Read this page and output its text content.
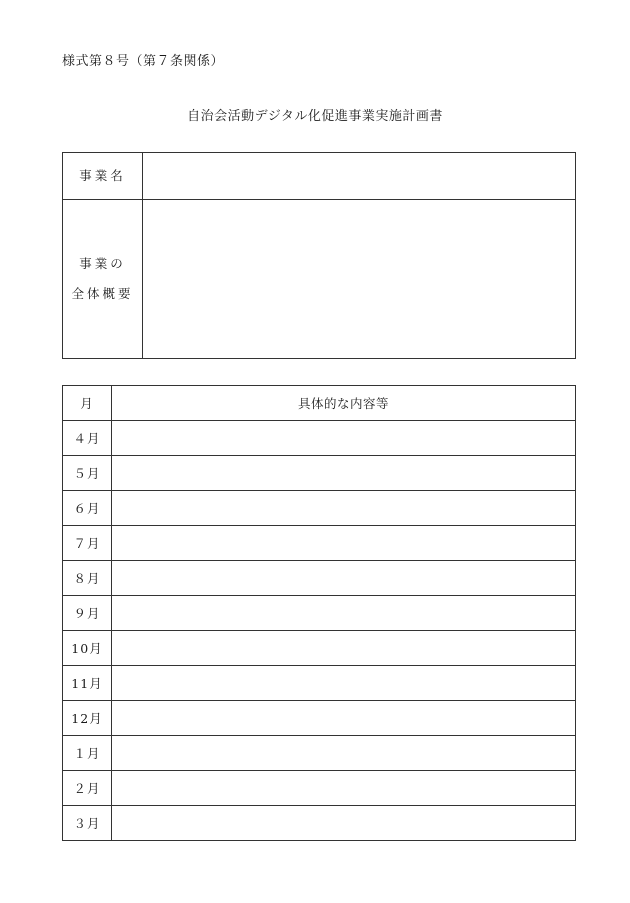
様式第８号（第７条関係）
自治会活動デジタル化促進事業実施計画書
事業名	

事業の
全体概要	

月	具体的な内容等
４月	
５月	
６月	
７月	
８月	
９月	
10月	
11月	
12月	
１月	
２月	
３月	
